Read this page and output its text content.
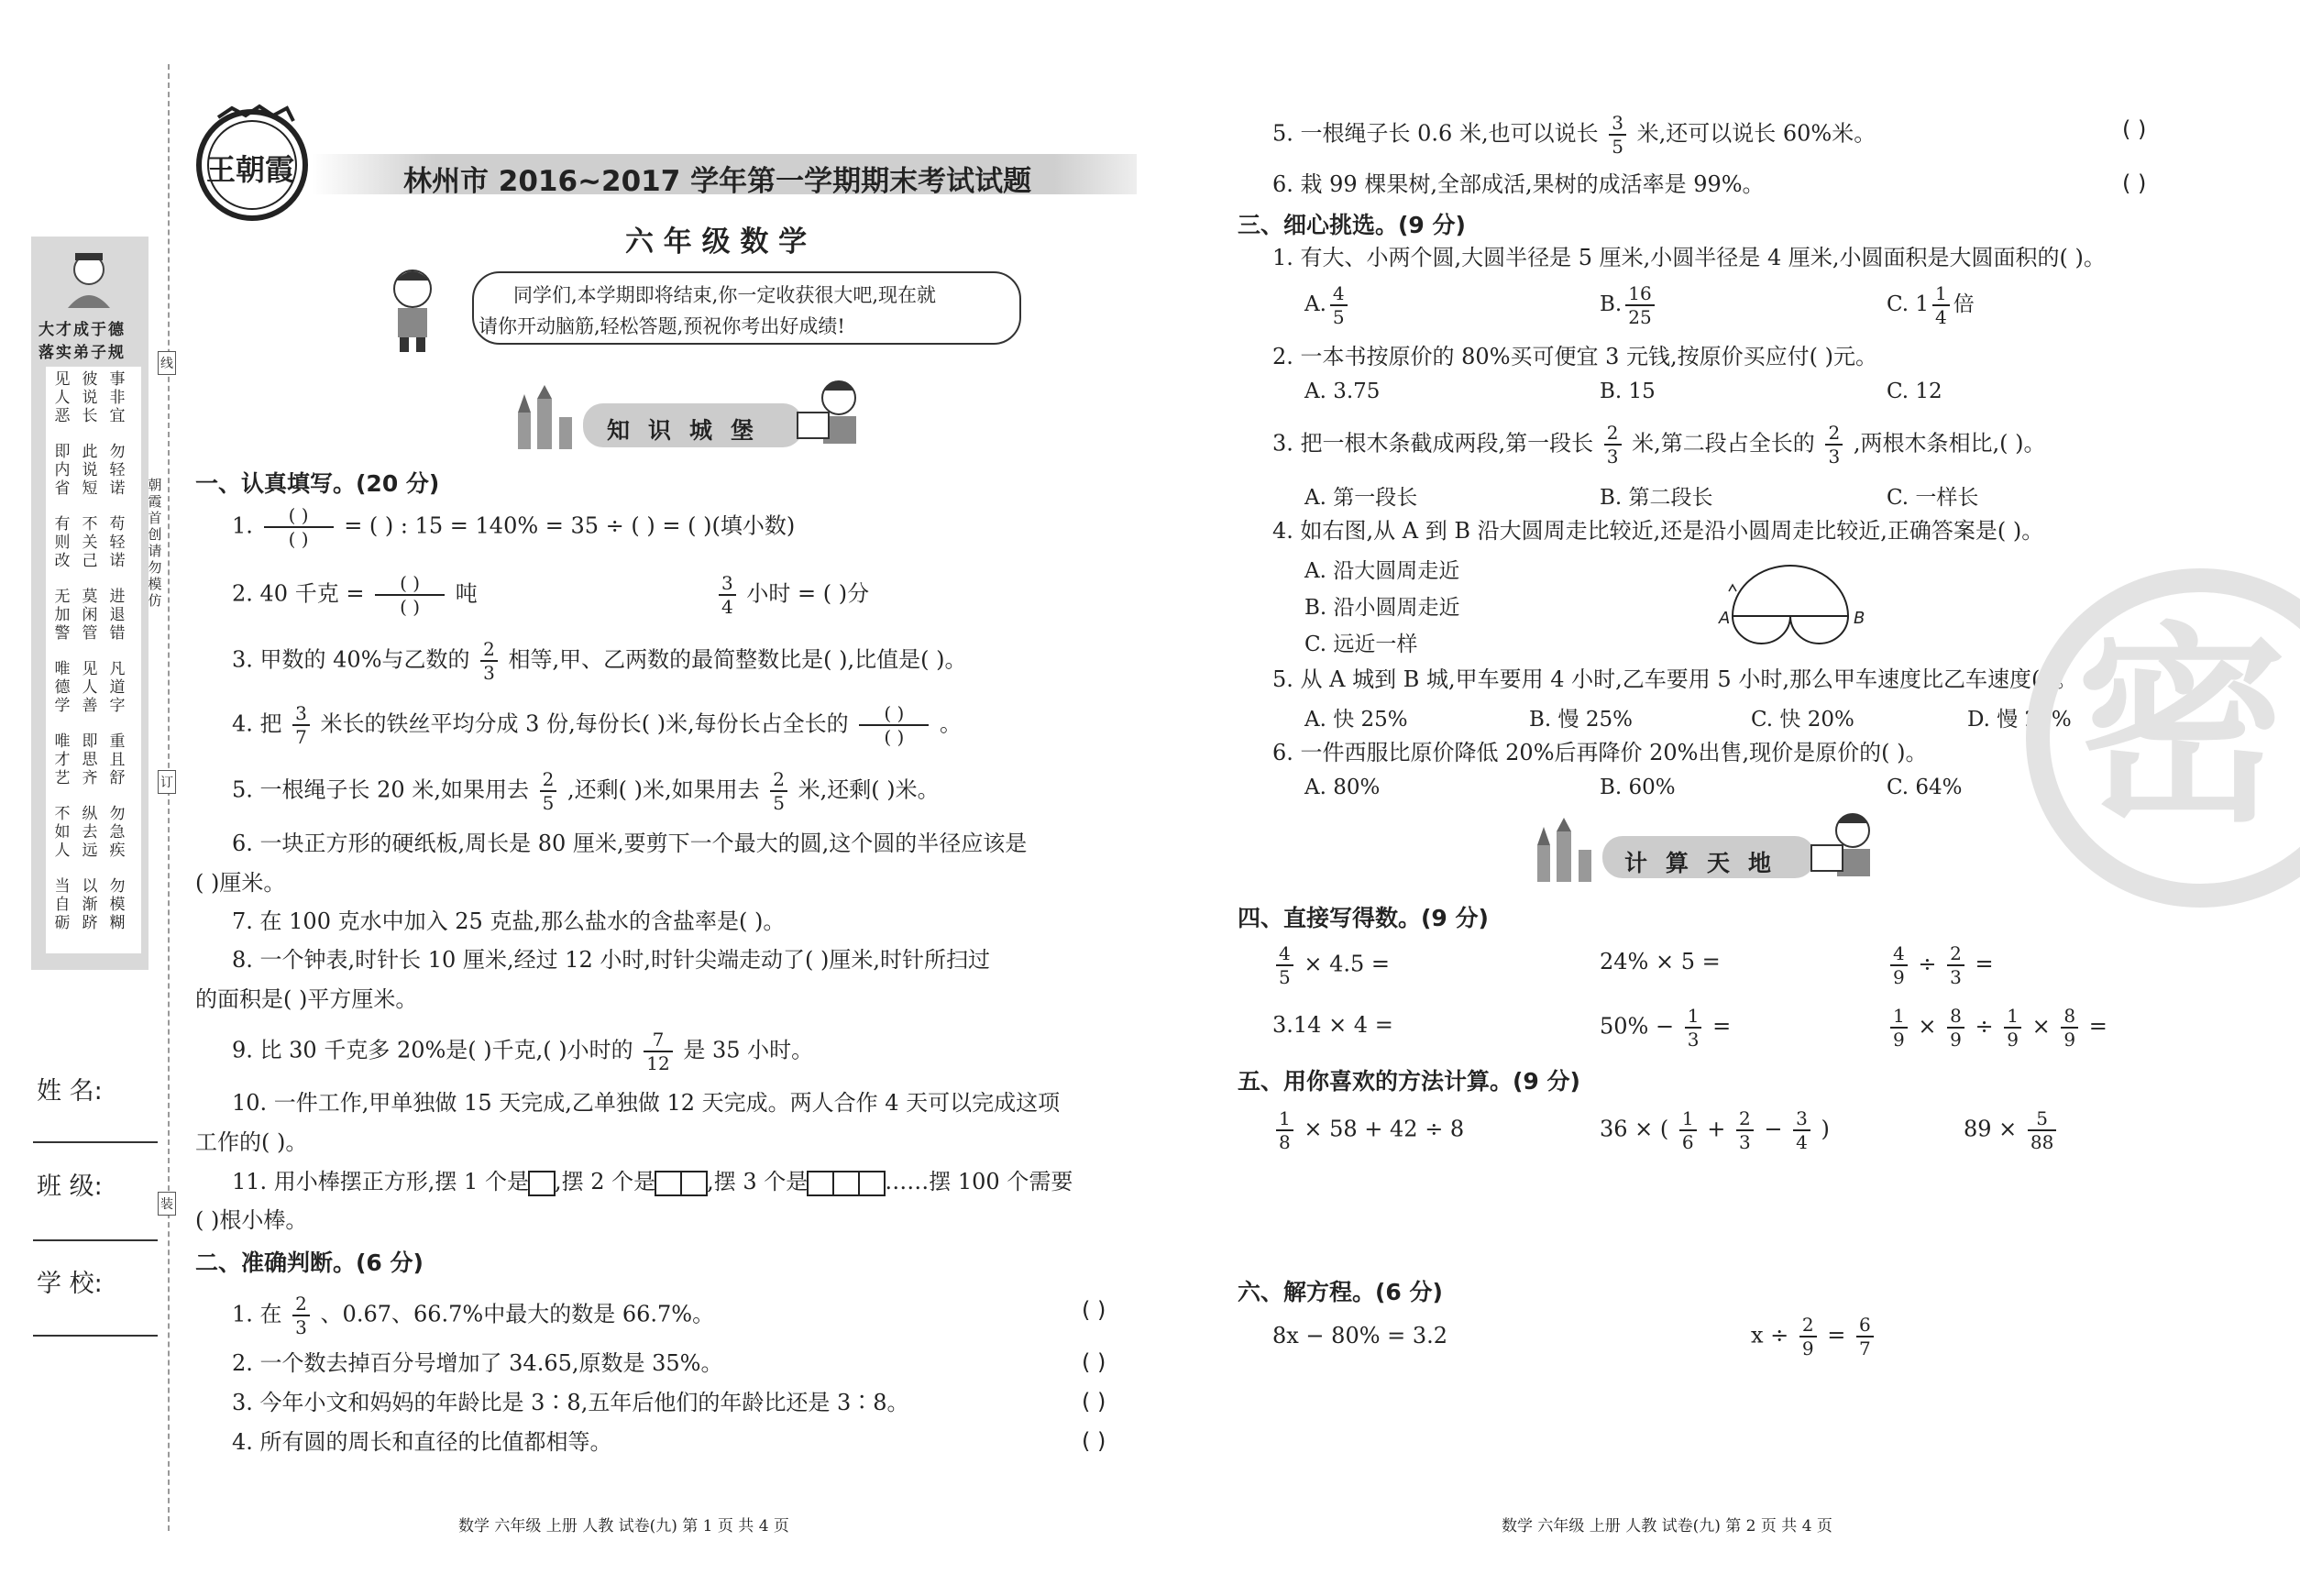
大才成于德
落实弟子规
见人恶
彼说长
事非宜
即内省
此说短
勿轻诺
有则改
不关己
苟轻诺
无加警
莫闲管
进退错
唯德学
见人善
凡道字
唯才艺
即思齐
重且舒
不如人
纵去远
勿急疾
当自砺
以渐跻
勿模糊
朝霞首创 请勿模仿
线
订
装
姓 名:
班 级:
学 校:
王朝霞	林州市 2016~2017 学年第一学期期末考试试题
六 年 级 数 学
同学们,本学期即将结束,你一定收获很大吧,现在就
请你开动脑筋,轻松答题,预祝你考出好成绩!
知识城堡
一、认真填写。(20 分)
1. $\frac{( )}{( )}$ = ( ) : 15 = 140% = 35 ÷ ( ) = ( )(填小数)
2. 40 千克 = $\frac{( )}{( )}$ 吨	$\frac{3}{4}$ 小时 = ( )分
3. 甲数的 40%与乙数的 $\frac{2}{3}$ 相等,甲、乙两数的最简整数比是( ),比值是( )。
4. 把 $\frac{3}{7}$ 米长的铁丝平均分成 3 份,每份长( )米,每份长占全长的 $\frac{( )}{( )}$ 。
5. 一根绳子长 20 米,如果用去 $\frac{2}{5}$ ,还剩( )米,如果用去 $\frac{2}{5}$ 米,还剩( )米。
6. 一块正方形的硬纸板,周长是 80 厘米,要剪下一个最大的圆,这个圆的半径应该是
( )厘米。
7. 在 100 克水中加入 25 克盐,那么盐水的含盐率是( )。
8. 一个钟表,时针长 10 厘米,经过 12 小时,时针尖端走动了( )厘米,时针所扫过
的面积是( )平方厘米。
9. 比 30 千克多 20%是( )千克,( )小时的 $\frac{7}{12}$ 是 35 小时。
10. 一件工作,甲单独做 15 天完成,乙单独做 12 天完成。两人合作 4 天可以完成这项
工作的( )。
11. 用小棒摆正方形,摆 1 个是 ,摆 2 个是 ,摆 3 个是	……摆 100 个需要
( )根小棒。
二、准确判断。(6 分)
1. 在 $\frac{2}{3}$ 、0.67、66.7%中最大的数是 66.7%。	( )
2. 一个数去掉百分号增加了 34.65,原数是 35%。	( )
3. 今年小文和妈妈的年龄比是 3∶8,五年后他们的年龄比还是 3∶8。	( )
4. 所有圆的周长和直径的比值都相等。	( )
数学 六年级 上册 人教 试卷(九) 第 1 页 共 4 页
5. 一根绳子长 0.6 米,也可以说长 $\frac{3}{5}$ 米,还可以说长 60%米。	( )
6. 栽 99 棵果树,全部成活,果树的成活率是 99%。	( )
三、细心挑选。(9 分)
1. 有大、小两个圆,大圆半径是 5 厘米,小圆半径是 4 厘米,小圆面积是大圆面积的( )。
A. $\frac{4}{5}$	B. $\frac{16}{25}$	C. $1 \frac{1}{4}$ 倍
2. 一本书按原价的 80%买可便宜 3 元钱,按原价买应付( )元。
A. 3.75	B. 15	C. 12
3. 把一根木条截成两段,第一段长 $\frac{2}{3}$ 米,第二段占全长的 $\frac{2}{3}$ ,两根木条相比,( )。
A. 第一段长	B. 第二段长	C. 一样长
4. 如右图,从 A 到 B 沿大圆周走比较近,还是沿小圆周走比较近,正确答案是( )。
A. 沿大圆周走近
B. 沿小圆周走近
C. 远近一样
A	B
5. 从 A 城到 B 城,甲车要用 4 小时,乙车要用 5 小时,那么甲车速度比乙车速度( )。
A. 快 25%	B. 慢 25%	C. 快 20%	D. 慢 20%
6. 一件西服比原价降低 20%后再降价 20%出售,现价是原价的( )。
A. 80%	B. 60%	C. 64%
计算天地
四、直接写得数。(9 分)
$\frac{4}{5} \times 4.5$ =	24% × 5 =	$\frac{4}{9} \div \frac{2}{3}$ =
3.14 × 4 =	$50\% - \frac{1}{3}$ =	$\frac{1}{9} \times \frac{8}{9} \div \frac{1}{9} \times \frac{8}{9}$ =
五、用你喜欢的方法计算。(9 分)
$\frac{1}{8} \times 58 + 42 \div 8$	36 × ( $\frac{1}{6} + \frac{2}{3} - \frac{3}{4}$ )	$89 \times \frac{5}{88}$
六、解方程。(6 分)
8x − 80% = 3.2	$x \div \frac{2}{9} = \frac{6}{7}$
数学 六年级 上册 人教 试卷(九) 第 2 页 共 4 页
密
